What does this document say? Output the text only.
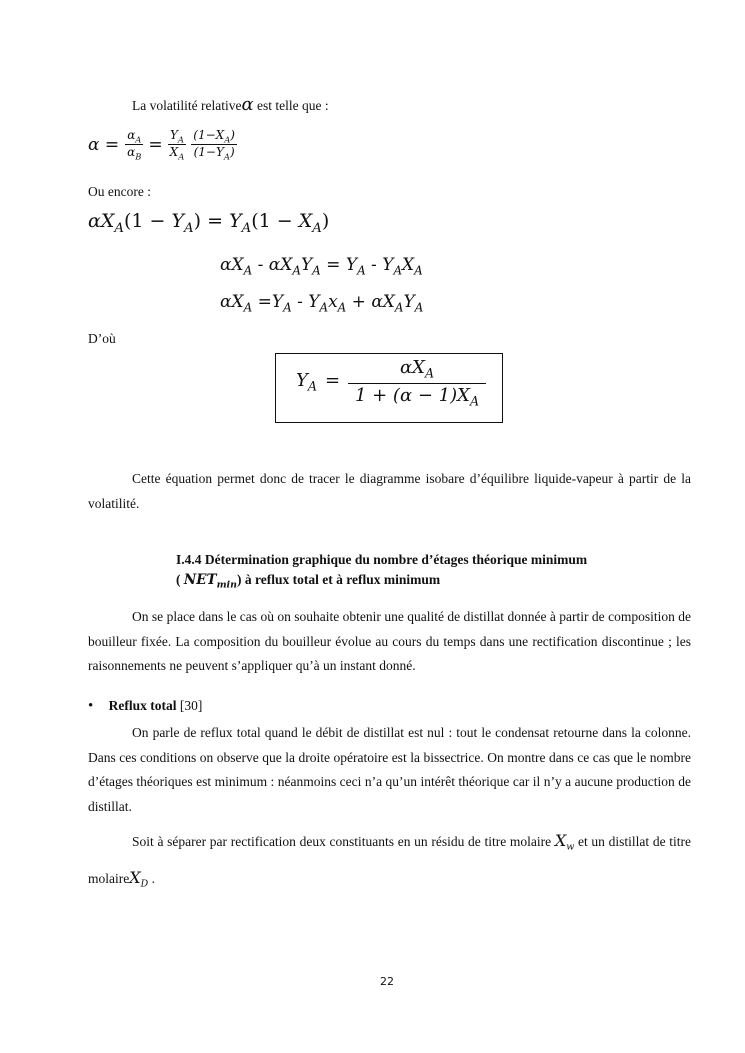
La volatilité relativeα est telle que :
$\alpha = \frac{\alpha_A}{\alpha_B} = \frac{Y_A}{X_A} \frac{(1-X_A)}{(1-Y_A)}$
Ou encore :
$\alpha X_A(1 - Y_A) = Y_A(1 - X_A)$
$\alpha X_A - \alpha X_AY_A = Y_A - Y_AX_A$
$\alpha X_A =Y_A - Y_Ax_A + \alpha X_AY_A$
D’où
$Y_A$ =
$\alpha X_A$
$1 + (\alpha - 1)X_A$
Cette équation permet donc de tracer le diagramme isobare d’équilibre liquide-vapeur à partir de la volatilité.
I.4.4 Détermination graphique du nombre d’étages théorique minimum
( $NET_{min}$) à reflux total et à reflux minimum
On se place dans le cas où on souhaite obtenir une qualité de distillat donnée à partir de composition de bouilleur fixée. La composition du bouilleur évolue au cours du temps dans une rectification discontinue ; les raisonnements ne peuvent s’appliquer qu’à un instant donné.
• Reflux total [30]
On parle de reflux total quand le débit de distillat est nul : tout le condensat retourne dans la colonne. Dans ces conditions on observe que la droite opératoire est la bissectrice. On montre dans ce cas que le nombre d’étages théoriques est minimum : néanmoins ceci n’a qu’un intérêt théorique car il n’y a aucune production de distillat.
Soit à séparer par rectification deux constituants en un résidu de titre molaire $X_w$ et un distillat de titre molaireX$_D$ .
22
